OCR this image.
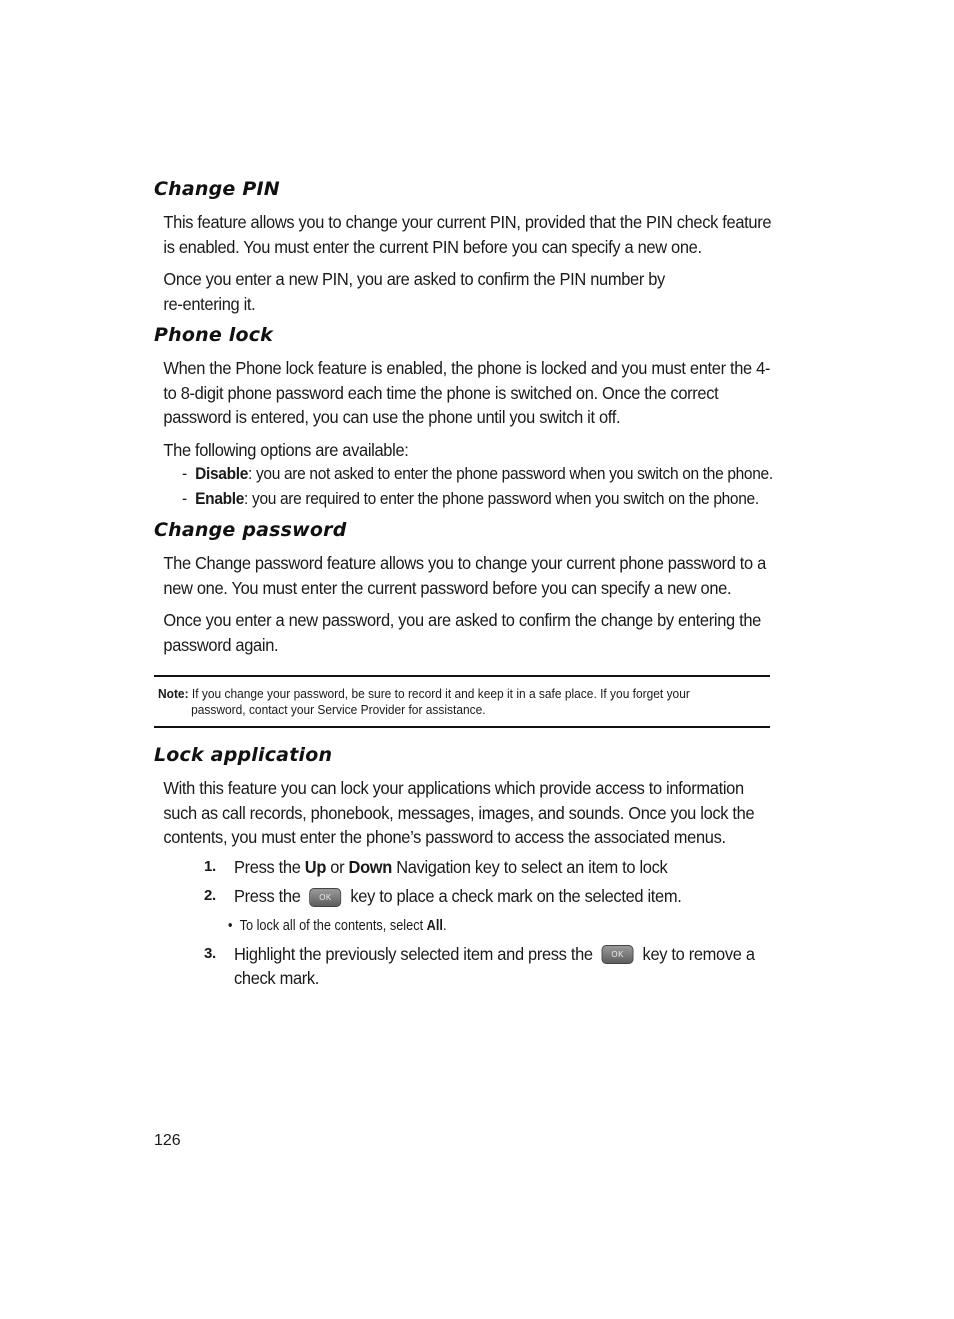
Change PIN

This feature allows you to change your current PIN, provided that the PIN check feature is enabled. You must enter the current PIN before you can specify a new one.

Once you enter a new PIN, you are asked to confirm the PIN number by
re-entering it.

Phone lock

When the Phone lock feature is enabled, the phone is locked and you must enter the 4- to 8-digit phone password each time the phone is switched on. Once the correct password is entered, you can use the phone until you switch it off.

The following options are available:

- Disable: you are not asked to enter the phone password when you switch on the phone.
- Enable: you are required to enter the phone password when you switch on the phone.
Change password

The Change password feature allows you to change your current phone password to a new one. You must enter the current password before you can specify a new one.

Once you enter a new password, you are asked to confirm the change by entering the password again.

Note: If you change your password, be sure to record it and keep it in a safe place. If you forget your

password, contact your Service Provider for assistance.
Lock application

With this feature you can lock your applications which provide access to information such as call records, phonebook, messages, images, and sounds. Once you lock the contents, you must enter the phone’s password to access the associated menus.

1. Press the Up or Down Navigation key to select an item to lock
2. Press the OK key to place a check mark on the selected item.
• To lock all of the contents, select All.
3. Highlight the previously selected item and press the OK key to remove a check mark.
126
